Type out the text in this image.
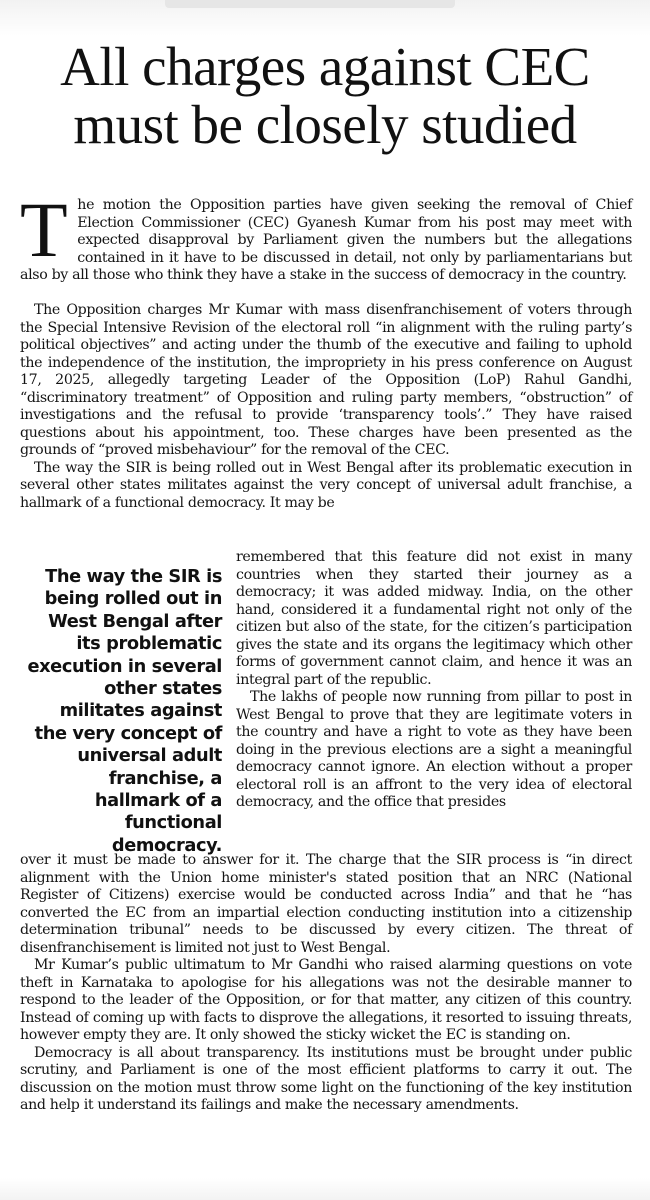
All charges against CEC must be closely studied
T he motion the Opposition parties have given seeking the removal of Chief Election Commissioner (CEC) Gyanesh Kumar from his post may meet with expected disapproval by Parliament given the numbers but the allegations contained in it have to be discussed in detail, not only by parliamentarians but also by all those who think they have a stake in the success of democracy in the country.

The Opposition charges Mr Kumar with mass disenfranchisement of voters through the Special Intensive Revision of the electoral roll “in alignment with the ruling party’s political objectives” and acting under the thumb of the executive and failing to uphold the independence of the institution, the impropriety in his press conference on August 17, 2025, allegedly targeting Leader of the Opposition (LoP) Rahul Gandhi, “discriminatory treatment” of Opposition and ruling party members, “obstruction” of investigations and the refusal to provide ‘transparency tools’.” They have raised questions about his appointment, too. These charges have been presented as the grounds of “proved misbehaviour” for the removal of the CEC.

The way the SIR is being rolled out in West Bengal after its problematic execution in several other states militates against the very concept of universal adult franchise, a hallmark of a functional democracy. It may be

The way the SIR is being rolled out in West Bengal after its problematic execution in several other states militates against the very concept of universal adult franchise, a hallmark of a functional democracy.

remembered that this feature did not exist in many countries when they started their journey as a democracy; it was added midway. India, on the other hand, considered it a fundamental right not only of the citizen but also of the state, for the citizen’s participation gives the state and its organs the legitimacy which other forms of government cannot claim, and hence it was an integral part of the republic.

The lakhs of people now running from pillar to post in West Bengal to prove that they are legitimate voters in the country and have a right to vote as they have been doing in the previous elections are a sight a meaningful democracy cannot ignore. An election without a proper electoral roll is an affront to the very idea of electoral democracy, and the office that presides

over it must be made to answer for it. The charge that the SIR process is “in direct alignment with the Union home minister's stated position that an NRC (National Register of Citizens) exercise would be conducted across India” and that he “has converted the EC from an impartial election conducting institution into a citizenship determination tribunal” needs to be discussed by every citizen. The threat of disenfranchisement is limited not just to West Bengal.

Mr Kumar’s public ultimatum to Mr Gandhi who raised alarming questions on vote theft in Karnataka to apologise for his allegations was not the desirable manner to respond to the leader of the Opposition, or for that matter, any citizen of this country. Instead of coming up with facts to disprove the allegations, it resorted to issuing threats, however empty they are. It only showed the sticky wicket the EC is standing on.

Democracy is all about transparency. Its institutions must be brought under public scrutiny, and Parliament is one of the most efficient platforms to carry it out. The discussion on the motion must throw some light on the functioning of the key institution and help it understand its failings and make the necessary amendments.
